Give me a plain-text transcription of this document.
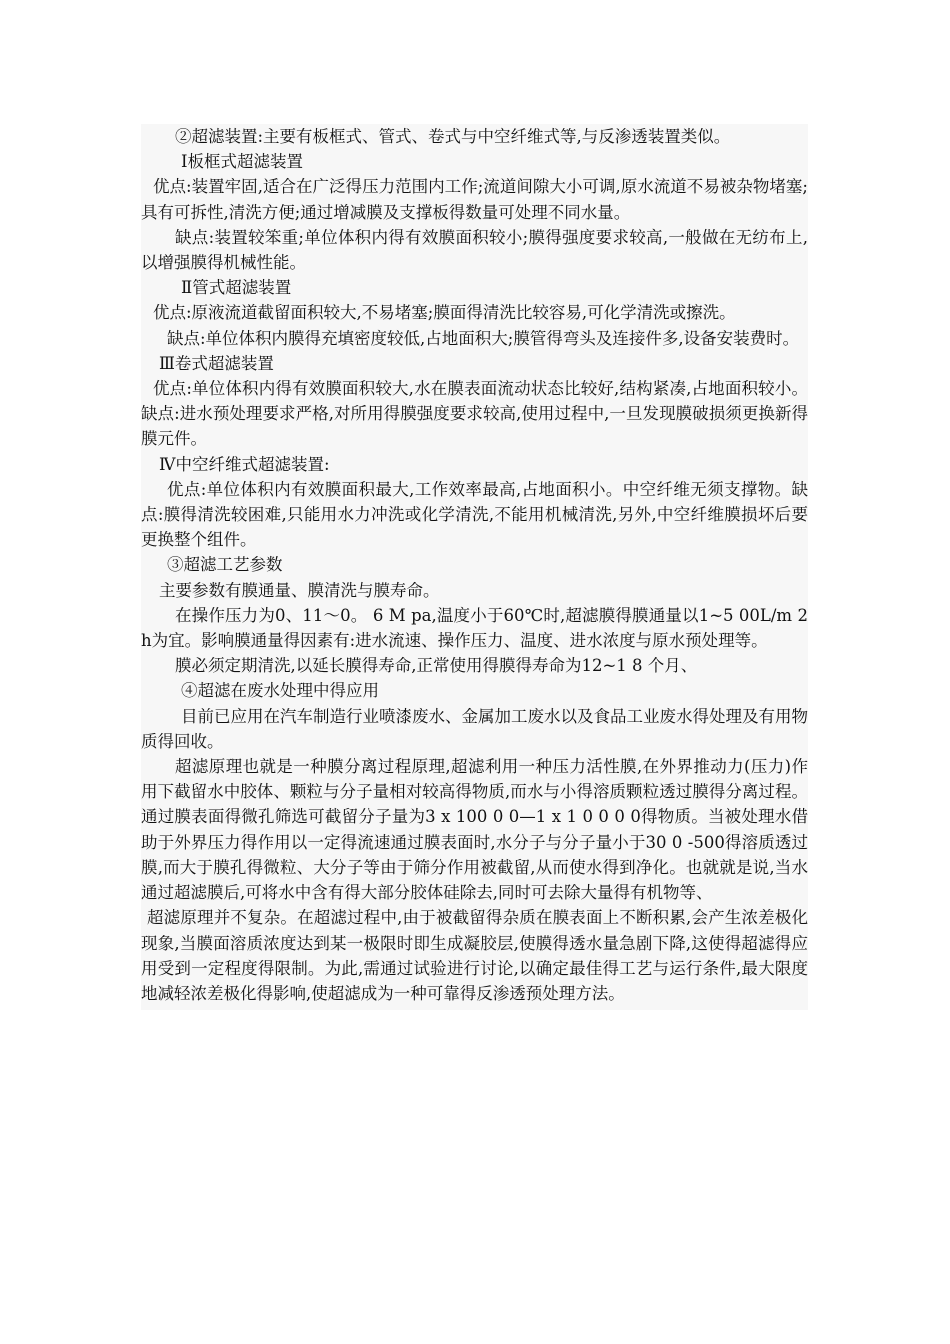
②超滤装置:主要有板框式、管式、卷式与中空纤维式等,与反渗透装置类似。

Ⅰ板框式超滤装置

优点:装置牢固,适合在广泛得压力范围内工作;流道间隙大小可调,原水流道不易被杂物堵塞;具有可拆性,清洗方便;通过增减膜及支撑板得数量可处理不同水量。

缺点:装置较笨重;单位体积内得有效膜面积较小;膜得强度要求较高,一般做在无纺布上,以增强膜得机械性能。

Ⅱ管式超滤装置

优点:原液流道截留面积较大,不易堵塞;膜面得清洗比较容易,可化学清洗或擦洗。

缺点:单位体积内膜得充填密度较低,占地面积大;膜管得弯头及连接件多,设备安装费时。

Ⅲ卷式超滤装置

优点:单位体积内得有效膜面积较大,水在膜表面流动状态比较好,结构紧凑,占地面积较小。缺点:进水预处理要求严格,对所用得膜强度要求较高,使用过程中,一旦发现膜破损须更换新得膜元件。

Ⅳ中空纤维式超滤装置:

优点:单位体积内有效膜面积最大,工作效率最高,占地面积小。中空纤维无须支撑物。缺点:膜得清洗较困难,只能用水力冲洗或化学清洗,不能用机械清洗,另外,中空纤维膜损坏后要更换整个组件。

③超滤工艺参数

主要参数有膜通量、膜清洗与膜寿命。

在操作压力为0、11～0。 6 M pa,温度小于60℃时,超滤膜得膜通量以1~5 00L/m 2 h为宜。影响膜通量得因素有:进水流速、操作压力、温度、进水浓度与原水预处理等。

膜必须定期清洗,以延长膜得寿命,正常使用得膜得寿命为12~1 8 个月、

④超滤在废水处理中得应用

目前已应用在汽车制造行业喷漆废水、金属加工废水以及食品工业废水得处理及有用物质得回收。

超滤原理也就是一种膜分离过程原理,超滤利用一种压力活性膜,在外界推动力(压力)作用下截留水中胶体、颗粒与分子量相对较高得物质,而水与小得溶质颗粒透过膜得分离过程。通过膜表面得微孔筛选可截留分子量为3 x 100 0 0—1 x 1 0 0 0 0得物质。当被处理水借助于外界压力得作用以一定得流速通过膜表面时,水分子与分子量小于30 0 -500得溶质透过膜,而大于膜孔得微粒、大分子等由于筛分作用被截留,从而使水得到净化。也就就是说,当水通过超滤膜后,可将水中含有得大部分胶体硅除去,同时可去除大量得有机物等、

超滤原理并不复杂。在超滤过程中,由于被截留得杂质在膜表面上不断积累,会产生浓差极化现象,当膜面溶质浓度达到某一极限时即生成凝胶层,使膜得透水量急剧下降,这使得超滤得应用受到一定程度得限制。为此,需通过试验进行讨论,以确定最佳得工艺与运行条件,最大限度地减轻浓差极化得影响,使超滤成为一种可靠得反渗透预处理方法。
